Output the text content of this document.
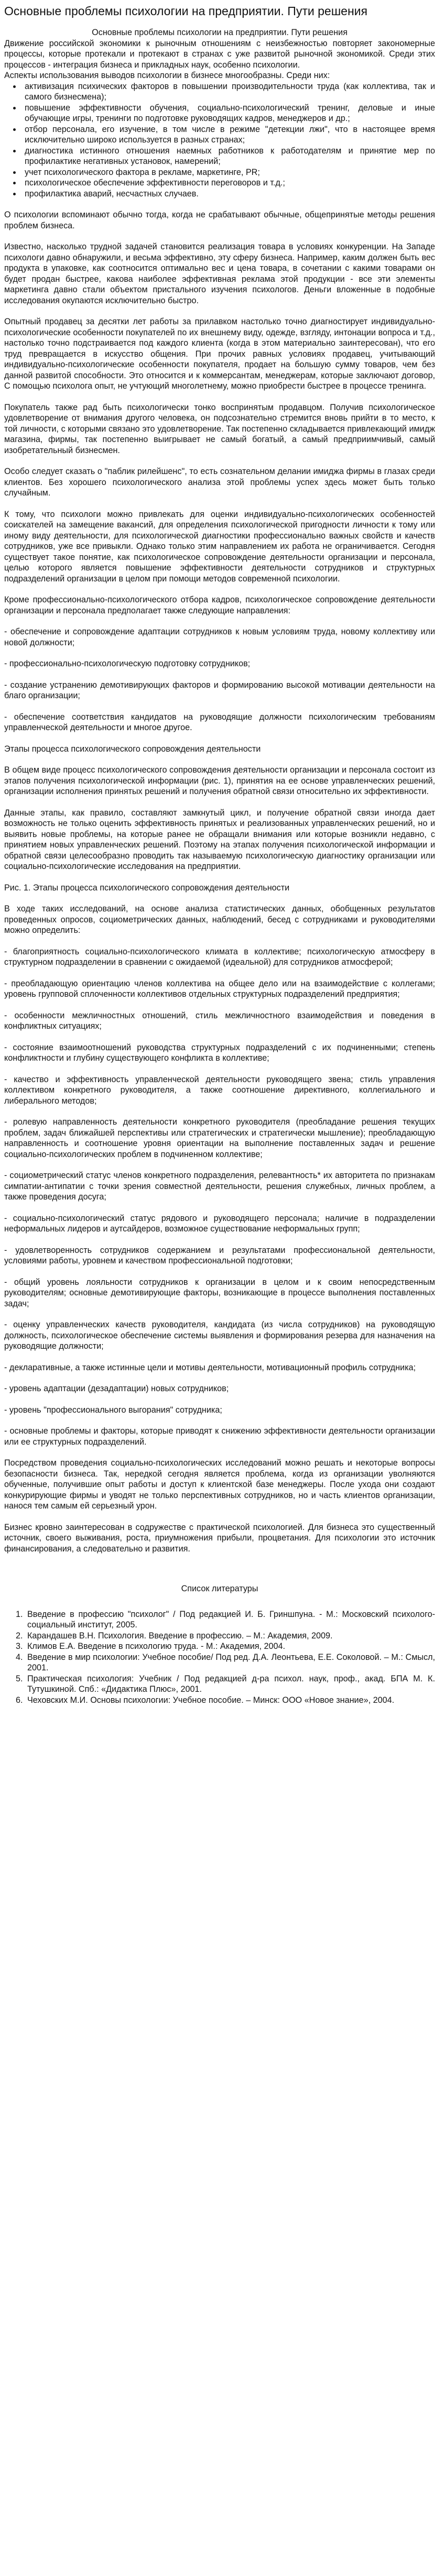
Основные проблемы психологии на предприятии. Пути решения

Основные проблемы психологии на предприятии. Пути решения

Движение российской экономики к рыночным отношениям с неизбежностью повторяет закономерные процессы, которые протекали и протекают в странах с уже развитой рыночной экономикой. Среди этих процессов - интеграция бизнеса и прикладных наук, особенно психологии.

Аспекты использования выводов психологии в бизнесе многообразны. Среди них:

• активизация психических факторов в повышении производительности труда (как коллектива, так и самого бизнесмена);
• повышение эффективности обучения, социально-психологический тренинг, деловые и иные обучающие игры, тренинги по подготовке руководящих кадров, менеджеров и др.;
• отбор персонала, его изучение, в том числе в режиме "детекции лжи", что в настоящее время исключительно широко используется в разных странах;
• диагностика истинного отношения наемных работников к работодателям и принятие мер по профилактике негативных установок, намерений;
• учет психологического фактора в рекламе, маркетинге, PR;
• психологическое обеспечение эффективности переговоров и т.д.;
• профилактика аварий, несчастных случаев.

О психологии вспоминают обычно тогда, когда не срабатывают обычные, общепринятые методы решения проблем бизнеса.

Известно, насколько трудной задачей становится реализация товара в условиях конкуренции. На Западе психологи давно обнаружили, и весьма эффективно, эту сферу бизнеса. Например, каким должен быть вес продукта в упаковке, как соотносится оптимально вес и цена товара, в сочетании с какими товарами он будет продан быстрее, какова наиболее эффективная реклама этой продукции - все эти элементы маркетинга давно стали объектом пристального изучения психологов. Деньги вложенные в подобные исследования окупаются исключительно быстро.

Опытный продавец за десятки лет работы за прилавком настолько точно диагностирует индивидуально-психологические особенности покупателей по их внешнему виду, одежде, взгляду, интонации вопроса и т.д., настолько точно подстраивается под каждого клиента (когда в этом материально заинтересован), что его труд превращается в искусство общения. При прочих равных условиях продавец, учитывающий индивидуально-психологические особенности покупателя, продает на большую сумму товаров, чем без данной развитой способности. Это относится и к коммерсантам, менеджерам, которые заключают договор, С помощью психолога опыт, не учтующий многолетнему, можно приобрести быстрее в процессе тренинга.

Покупатель также рад быть психологически тонко воспринятым продавцом. Получив психологическое удовлетворение от внимания другого человека, он подсознательно стремится вновь прийти в то место, к той личности, с которыми связано это удовлетворение. Так постепенно складывается привлекающий имидж магазина, фирмы, так постепенно выигрывает не самый богатый, а самый предприимчивый, самый изобретательный бизнесмен.

Особо следует сказать о "паблик рилейшенс", то есть сознательном делании имиджа фирмы в глазах среди клиентов. Без хорошего психологического анализа этой проблемы успех здесь может быть только случайным.

К тому, что психологи можно привлекать для оценки индивидуально-психологических особенностей соискателей на замещение вакансий, для определения психологической пригодности личности к тому или иному виду деятельности, для психологической диагностики профессионально важных свойств и качеств сотрудников, уже все привыкли. Однако только этим направлением их работа не ограничивается. Сегодня существует такое понятие, как психологическое сопровождение деятельности организации и персонала, целью которого является повышение эффективности деятельности сотрудников и структурных подразделений организации в целом при помощи методов современной психологии.

Кроме профессионально-психологического отбора кадров, психологическое сопровождение деятельности организации и персонала предполагает также следующие направления:

- обеспечение и сопровождение адаптации сотрудников к новым условиям труда, новому коллективу или новой должности;

- профессионально-психологическую подготовку сотрудников;

- создание устранению демотивирующих факторов и формированию высокой мотивации деятельности на благо организации;

- обеспечение соответствия кандидатов на руководящие должности психологическим требованиям управленческой деятельности и многое другое.

Этапы процесса психологического сопровождения деятельности

В общем виде процесс психологического сопровождения деятельности организации и персонала состоит из этапов получения психологической информации (рис. 1), принятия на ее основе управленческих решений, организации исполнения принятых решений и получения обратной связи относительно их эффективности.

Данные этапы, как правило, составляют замкнутый цикл, и получение обратной связи иногда дает возможность не только оценить эффективность принятых и реализованных управленческих решений, но и выявить новые проблемы, на которые ранее не обращали внимания или которые возникли недавно, с принятием новых управленческих решений. Поэтому на этапах получения психологической информации и обратной связи целесообразно проводить так называемую психологическую диагностику организации или социально-психологические исследования на предприятии.

Рис. 1. Этапы процесса психологического сопровождения деятельности

В ходе таких исследований, на основе анализа статистических данных, обобщенных результатов проведенных опросов, социометрических данных, наблюдений, бесед с сотрудниками и руководителями можно определить:

- благоприятность социально-психологического климата в коллективе; психологическую атмосферу в структурном подразделении в сравнении с ожидаемой (идеальной) для сотрудников атмосферой;

- преобладающую ориентацию членов коллектива на общее дело или на взаимодействие с коллегами; уровень групповой сплоченности коллективов отдельных структурных подразделений предприятия;

- особенности межличностных отношений, стиль межличностного взаимодействия и поведения в конфликтных ситуациях;

- состояние взаимоотношений руководства структурных подразделений с их подчиненными; степень конфликтности и глубину существующего конфликта в коллективе;

- качество и эффективность управленческой деятельности руководящего звена; стиль управления коллективом конкретного руководителя, а также соотношение директивного, коллегиального и либерального методов;

- ролевую направленность деятельности конкретного руководителя (преобладание решения текущих проблем, задач ближайшей перспективы или стратегических и стратегически мышление); преобладающую направленность и соотношение уровня ориентации на выполнение поставленных задач и решение социально-психологических проблем в подчиненном коллективе;

- социометрический статус членов конкретного подразделения, релевантность* их авторитета по признакам симпатии-антипатии с точки зрения совместной деятельности, решения служебных, личных проблем, а также проведения досуга;

- социально-психологический статус рядового и руководящего персонала; наличие в подразделении неформальных лидеров и аутсайдеров, возможное существование неформальных групп;

- удовлетворенность сотрудников содержанием и результатами профессиональной деятельности, условиями работы, уровнем и качеством профессиональной подготовки;

- общий уровень лояльности сотрудников к организации в целом и к своим непосредственным руководителям; основные демотивирующие факторы, возникающие в процессе выполнения поставленных задач;

- оценку управленческих качеств руководителя, кандидата (из числа сотрудников) на руководящую должность, психологическое обеспечение системы выявления и формирования резерва для назначения на руководящие должности;

- декларативные, а также истинные цели и мотивы деятельности, мотивационный профиль сотрудника;

- уровень адаптации (дезадаптации) новых сотрудников;

- уровень "профессионального выгорания" сотрудника;

- основные проблемы и факторы, которые приводят к снижению эффективности деятельности организации или ее структурных подразделений.

Посредством проведения социально-психологических исследований можно решать и некоторые вопросы безопасности бизнеса. Так, нередкой сегодня является проблема, когда из организации уволняются обученные, получившие опыт работы и доступ к клиентской базе менеджеры. После ухода они создают конкурирующие фирмы и уводят не только перспективных сотрудников, но и часть клиентов организации, нанося тем самым ей серьезный урон.

Бизнес кровно заинтересован в содружестве с практической психологией. Для бизнеса это существенный источник, своего выживания, роста, приумножения прибыли, процветания. Для психологии это источник финансирования, а следовательно и развития.

Список литературы

1. Введение в профессию "психолог" / Под редакцией И. Б. Гриншпуна. - М.: Московский психолого-социальный институт, 2005.
2. Карандашев В.Н. Психология. Введение в профессию. – М.: Академия, 2009.
3. Климов Е.А. Введение в психологию труда. - М.: Академия, 2004.
4. Введение в мир психологии: Учебное пособие/ Под ред. Д.А. Леонтьева, Е.Е. Соколовой. – М.: Смысл, 2001.
5. Практическая психология: Учебник / Под редакцией д-ра психол. наук, проф., акад. БПА М. К. Тутушкиной. Спб.: «Дидактика Плюс», 2001.
6. Чеховских М.И. Основы психологии: Учебное пособие. – Минск: ООО «Новое знание», 2004.
